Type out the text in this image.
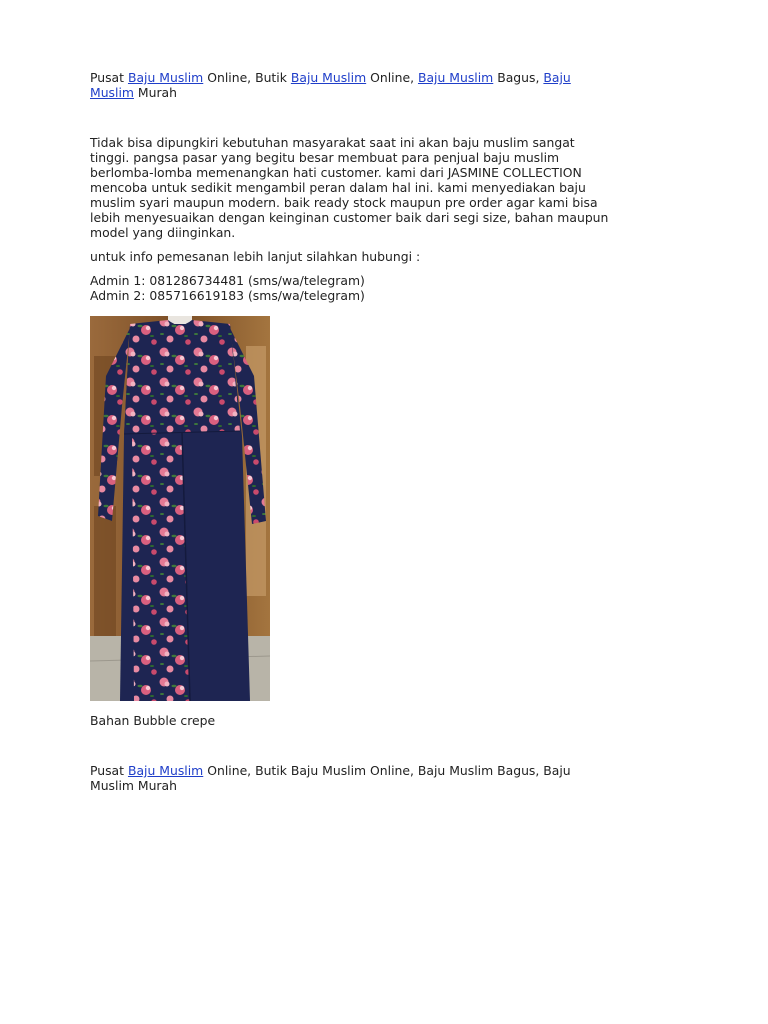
Pusat Baju Muslim Online, Butik Baju Muslim Online, Baju Muslim Bagus, Baju
Muslim Murah
Tidak bisa dipungkiri kebutuhan masyarakat saat ini akan baju muslim sangat
tinggi. pangsa pasar yang begitu besar membuat para penjual baju muslim
berlomba-lomba memenangkan hati customer. kami dari JASMINE COLLECTION
mencoba untuk sedikit mengambil peran dalam hal ini. kami menyediakan baju
muslim syari maupun modern. baik ready stock maupun pre order agar kami bisa
lebih menyesuaikan dengan keinginan customer baik dari segi size, bahan maupun
model yang diinginkan.
untuk info pemesanan lebih lanjut silahkan hubungi :
Admin 1: 081286734481 (sms/wa/telegram)
Admin 2: 085716619183 (sms/wa/telegram)
Bahan Bubble crepe
Pusat Baju Muslim Online, Butik Baju Muslim Online, Baju Muslim Bagus, Baju
Muslim Murah
